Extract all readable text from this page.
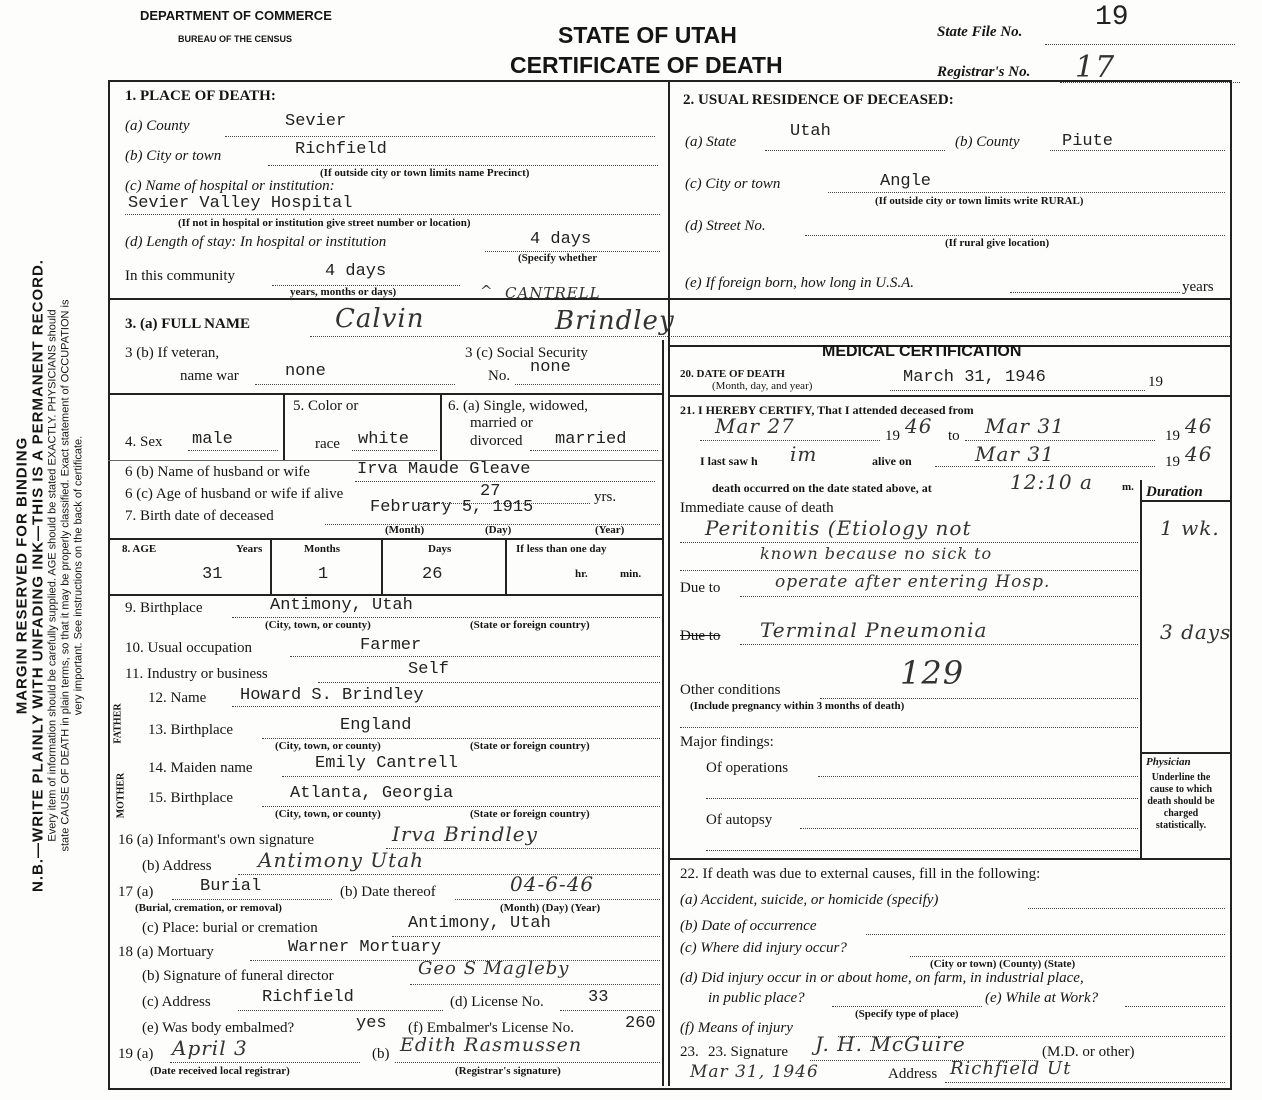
MARGIN RESERVED FOR BINDING N.B.—WRITE PLAINLY WITH UNFADING INK—THIS IS A PERMANENT RECORD. Every item of information should be carefully supplied. AGE should be stated EXACTLY. PHYSICIANS should state CAUSE OF DEATH in plain terms, so that it may be properly classified. Exact statement of OCCUPATION is very important. See instructions on the back of certificate.
DEPARTMENT OF COMMERCE
BUREAU OF THE CENSUS	STATE OF UTAH
CERTIFICATE OF DEATH
State File No.	19
Registrar's No. 17
1. PLACE OF DEATH:
(a) County	Sevier
(b) City or town	Richfield
(If outside city or town limits name Precinct)
(c) Name of hospital or institution:
Sevier Valley Hospital
(If not in hospital or institution give street number or location)
(d) Length of stay: In hospital or institution	4 days
(Specify whether
In this community	4 days
years, months or days)
2. USUAL RESIDENCE OF DECEASED:
(a) State
Utah
(b) County Piute
(c) City or town	Angle
(If outside city or town limits write RURAL)
(d) Street No.
(If rural give location)
(e) If foreign born, how long in U.S.A.	years
3. (a) FULL NAME	Calvin
^ CANTRELL
Brindley
3 (b) If veteran,
name war	none
3 (c) Social Security
No. none
4. Sex male
5. Color or
race white
6. (a) Single, widowed,
married or
divorced married
6 (b) Name of husband or wife	Irva Maude Gleave
6 (c) Age of husband or wife if alive	27	yrs.
7. Birth date of deceased	February 5, 1915
(Month)	(Day)	(Year)
8. AGE	Years	Months	Days	If less than one day
31	1	26	hr.	min.
9. Birthplace	Antimony, Utah
(City, town, or county)	(State or foreign country)
10. Usual occupation	Farmer
11. Industry or business	Self
FATHER
MOTHER
12. Name Howard S. Brindley
13. Birthplace	England
(City, town, or county)	(State or foreign country)
14. Maiden name	Emily Cantrell
15. Birthplace	Atlanta, Georgia
(City, town, or county)	(State or foreign country)
16 (a) Informant's own signature	Irva Brindley
(b) Address Antimony Utah
17 (a)	Burial
(Burial, cremation, or removal)
(b) Date thereof	04-6-46
(Month) (Day) (Year)
(c) Place: burial or cremation	Antimony, Utah
18 (a) Mortuary	Warner Mortuary
(b) Signature of funeral director	Geo S Magleby
(c) Address	Richfield	(d) License No.	33
(e) Was body embalmed?	yes (f) Embalmer's License No.	260
19 (a) April 3
(Date received local registrar)
(b) Edith Rasmussen
(Registrar's signature)
MEDICAL CERTIFICATION
20. DATE OF DEATH
(Month, day, and year)	March 31, 1946	19
21. I HEREBY CERTIFY, That I attended deceased from
Mar 27	19 46 to Mar 31	19 46
I last saw h im	alive on	Mar 31	19 46
death occurred on the date stated above, at	12:10 a	m. Duration
Immediate cause of death
Peritonitis (Etiology not	1 wk.
known because no sick to
Due to	operate after entering Hosp.
Due to Terminal Pneumonia	3 days
129
Other conditions
(Include pregnancy within 3 months of death)
Major findings:
Of operations
Of autopsy
Physician
Underline the cause to which death should be charged statistically.
22. If death was due to external causes, fill in the following:
(a) Accident, suicide, or homicide (specify)
(b) Date of occurrence
(c) Where did injury occur?
(City or town) (County) (State)
(d) Did injury occur in or about home, on farm, in industrial place,
in public place?	(e) While at Work?
(Specify type of place)
(f) Means of injury
23. 23. Signature J. H. McGuire	(M.D. or other)
Mar 31, 1946	Address Richfield Ut
